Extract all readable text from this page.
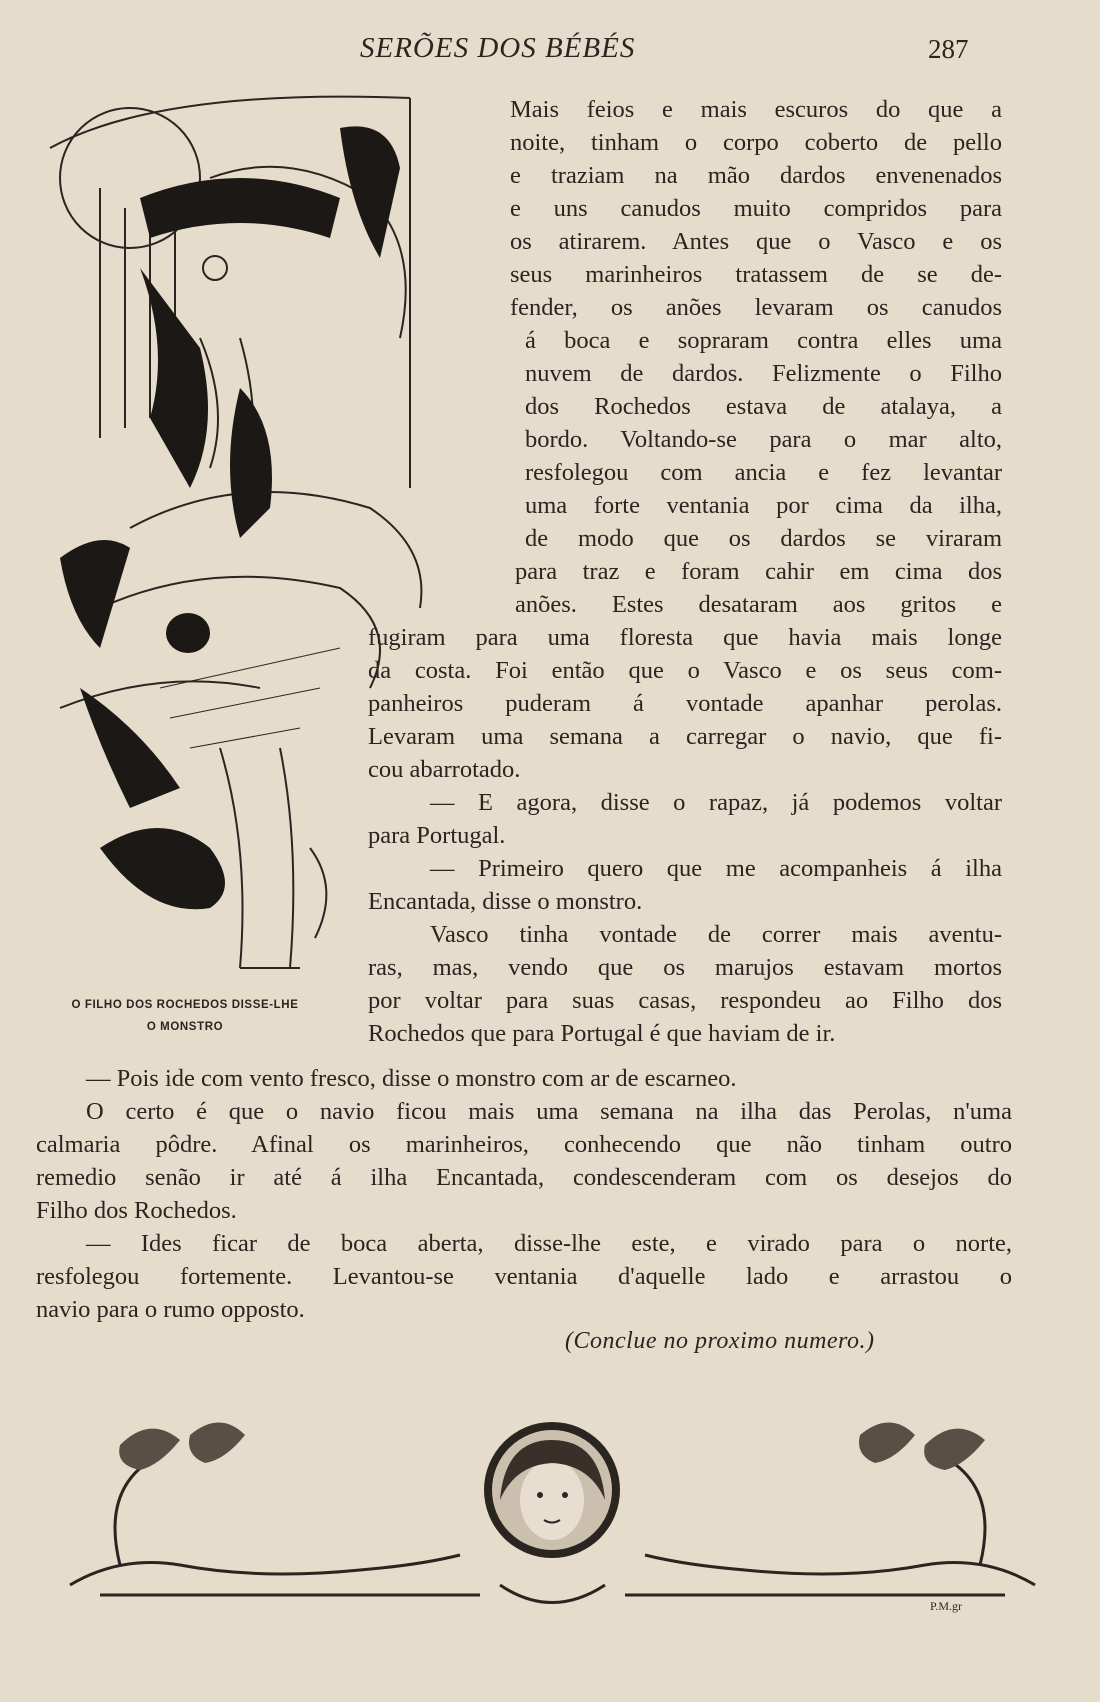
SERÕES DOS BÉBÉS	287
O FILHO DOS ROCHEDOS DISSE-LHE
O MONSTRO
Mais feios e mais escuros do que a
noite, tinham o corpo coberto de pello
e traziam na mão dardos envenenados
e uns canudos muito compridos para
os atirarem. Antes que o Vasco e os
seus marinheiros tratassem de se de-
fender, os anões levaram os canudos
á boca e sopraram contra elles uma
nuvem de dardos. Felizmente o Filho
dos Rochedos estava de atalaya, a
bordo. Voltando-se para o mar alto,
resfolegou com ancia e fez levantar
uma forte ventania por cima da ilha,
de modo que os dardos se viraram
para traz e foram cahir em cima dos
anões. Estes desataram aos gritos e
fugiram para uma floresta que havia mais longe
da costa. Foi então que o Vasco e os seus com-
panheiros puderam á vontade apanhar perolas.
Levaram uma semana a carregar o navio, que fi-
cou abarrotado.
— E agora, disse o rapaz, já podemos voltar
para Portugal.
— Primeiro quero que me acompanheis á ilha
Encantada, disse o monstro.
Vasco tinha vontade de correr mais aventu-
ras, mas, vendo que os marujos estavam mortos
por voltar para suas casas, respondeu ao Filho dos
Rochedos que para Portugal é que haviam de ir.
— Pois ide com vento fresco, disse o monstro com ar de escarneo.
O certo é que o navio ficou mais uma semana na ilha das Perolas, n'uma
calmaria pôdre. Afinal os marinheiros, conhecendo que não tinham outro
remedio senão ir até á ilha Encantada, condescenderam com os desejos do
Filho dos Rochedos.
— Ides ficar de boca aberta, disse-lhe este, e virado para o norte,
resfolegou fortemente. Levantou-se ventania d'aquelle lado e arrastou o
navio para o rumo opposto.
(Conclue no proximo numero.)
P.M.gr
